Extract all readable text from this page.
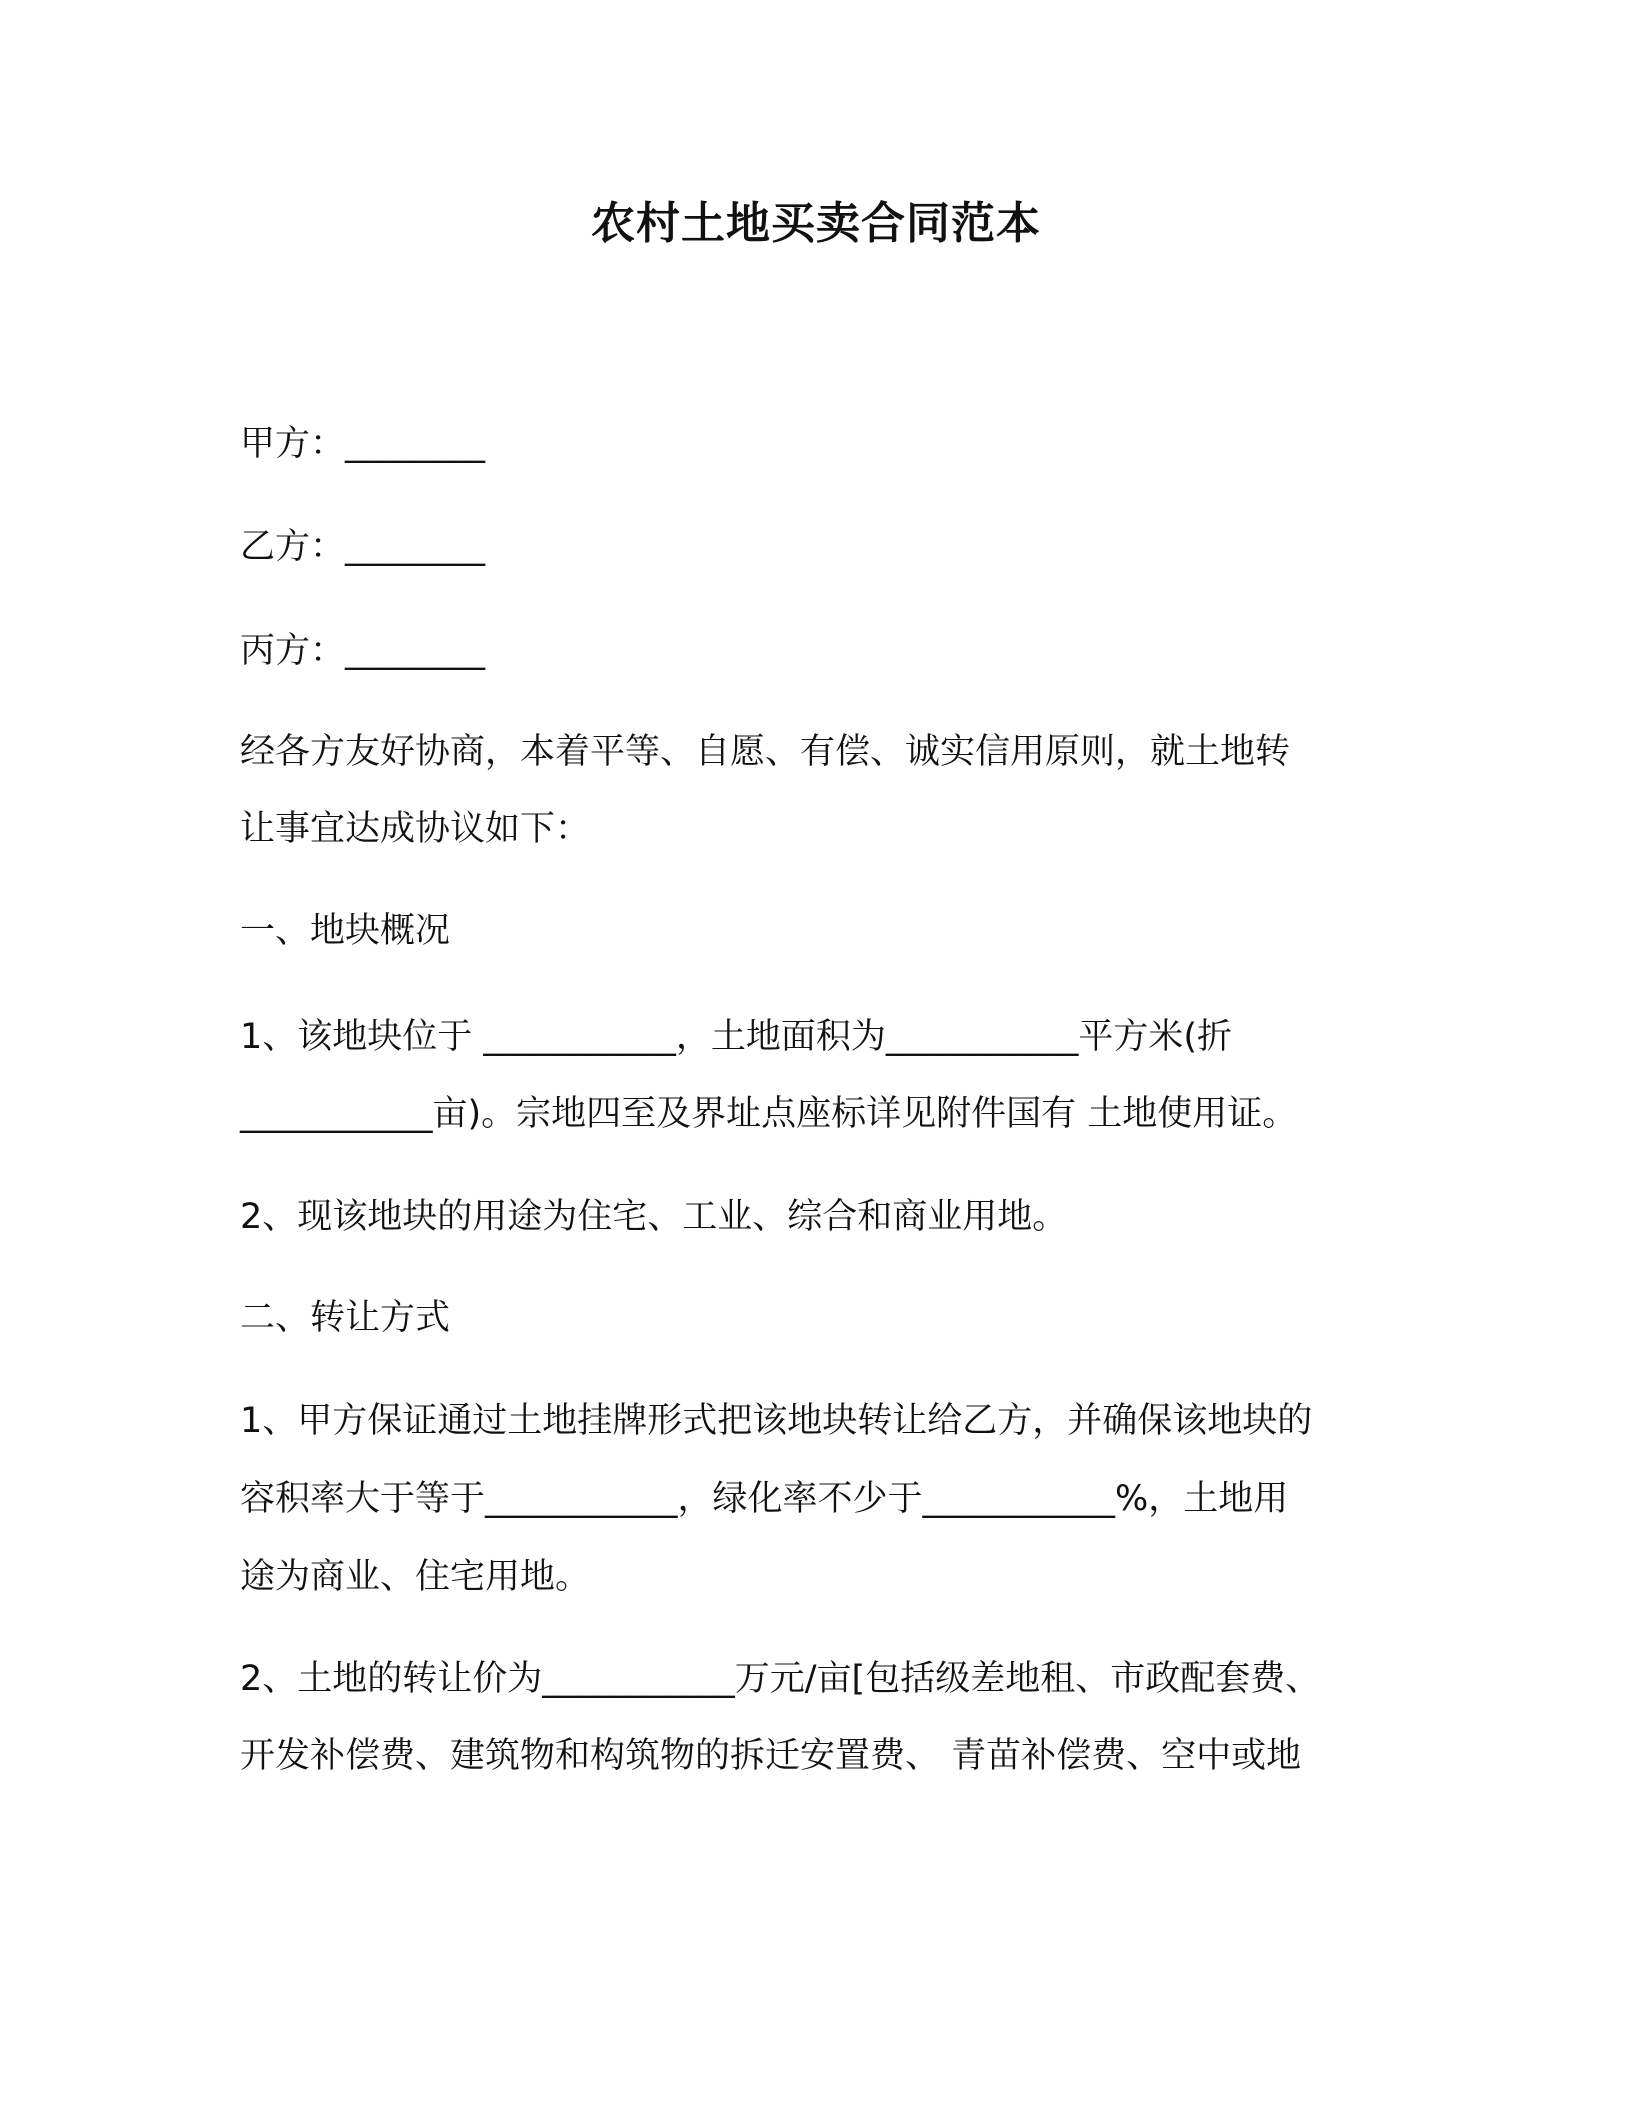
农村土地买卖合同范本
甲方：________
乙方：________
丙方：________
经各方友好协商，本着平等、自愿、有偿、诚实信用原则，就土地转
让事宜达成协议如下：
一、地块概况
1、该地块位于 ___________，土地面积为___________平方米(折
___________亩)。宗地四至及界址点座标详见附件国有 土地使用证。
2、现该地块的用途为住宅、工业、综合和商业用地。
二、转让方式
1、甲方保证通过土地挂牌形式把该地块转让给乙方，并确保该地块的
容积率大于等于___________，绿化率不少于___________%，土地用
途为商业、住宅用地。
2、土地的转让价为___________万元/亩[包括级差地租、市政配套费、
开发补偿费、建筑物和构筑物的拆迁安置费、 青苗补偿费、空中或地
